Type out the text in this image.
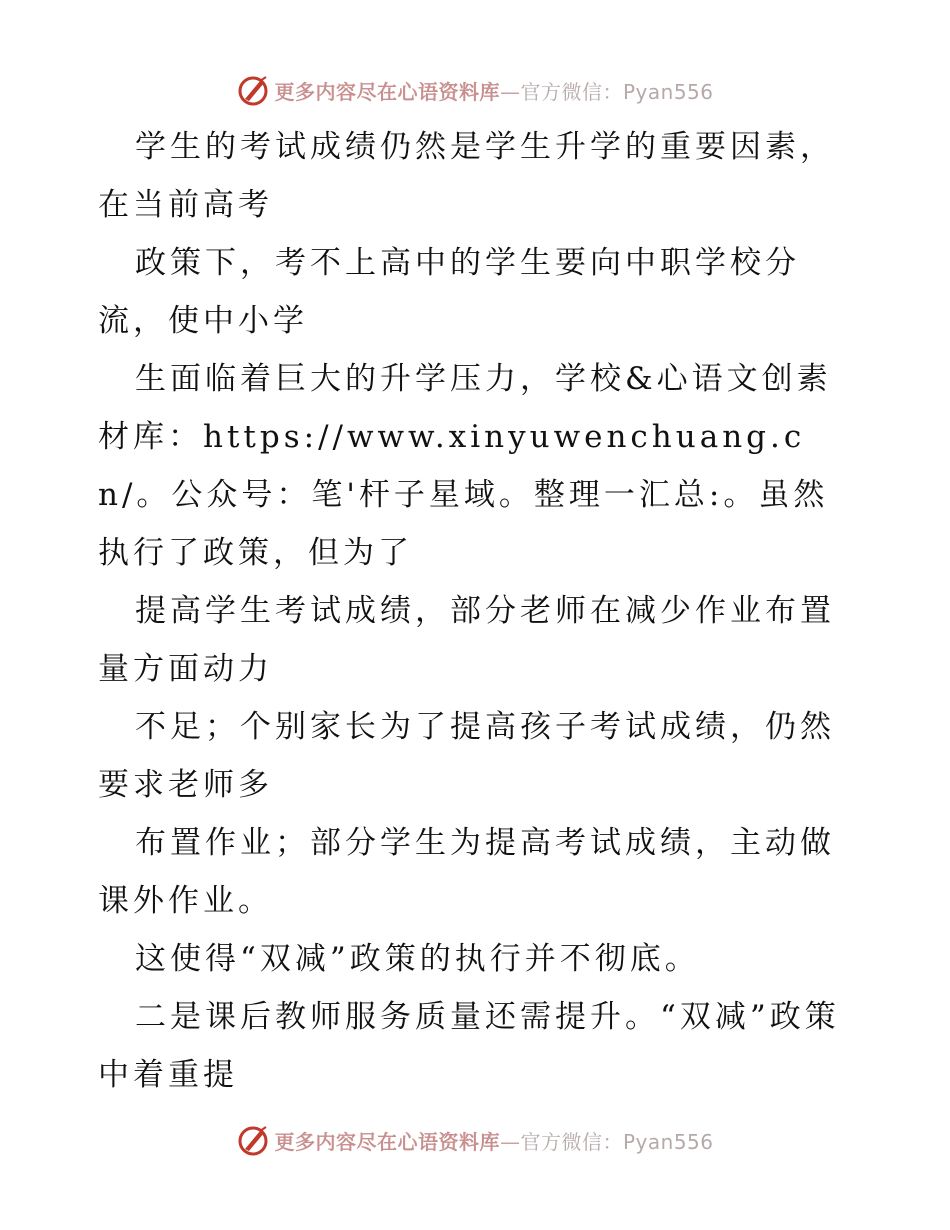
更多内容尽在心语资料库—官方微信：Pyan556

学生的考试成绩仍然是学生升学的重要因素，在当前高考

政策下，考不上高中的学生要向中职学校分流，使中小学

生面临着巨大的升学压力，学校&心语文创素材库：https://www.xinyuwenchuang.cn/。公众号：笔'杆子星域。整理一汇总:。虽然执行了政策，但为了

提高学生考试成绩，部分老师在减少作业布置量方面动力

不足；个别家长为了提高孩子考试成绩，仍然要求老师多

布置作业；部分学生为提高考试成绩，主动做课外作业。

这使得“双减”政策的执行并不彻底。

二是课后教师服务质量还需提升。“双减”政策中着重提

更多内容尽在心语资料库—官方微信：Pyan556
